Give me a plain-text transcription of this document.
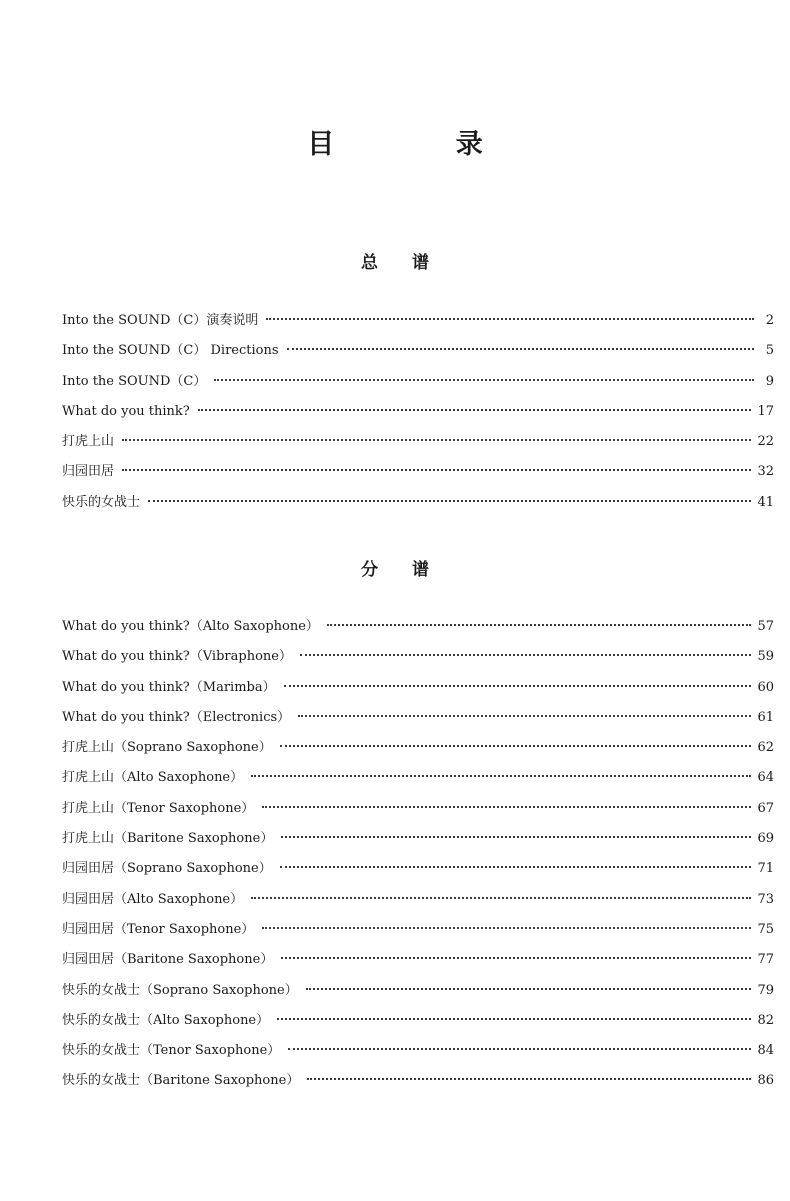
目 录
总 谱
Into the SOUND（C）演奏说明	2
Into the SOUND（C） Directions	5
Into the SOUND（C）	9
What do you think?	17
打虎上山	22
归园田居	32
快乐的女战士	41
分 谱
What do you think?（Alto Saxophone）	57
What do you think?（Vibraphone）	59
What do you think?（Marimba）	60
What do you think?（Electronics）	61
打虎上山（Soprano Saxophone）	62
打虎上山（Alto Saxophone）	64
打虎上山（Tenor Saxophone）	67
打虎上山（Baritone Saxophone）	69
归园田居（Soprano Saxophone）	71
归园田居（Alto Saxophone）	73
归园田居（Tenor Saxophone）	75
归园田居（Baritone Saxophone）	77
快乐的女战士（Soprano Saxophone）	79
快乐的女战士（Alto Saxophone）	82
快乐的女战士（Tenor Saxophone）	84
快乐的女战士（Baritone Saxophone）	86
